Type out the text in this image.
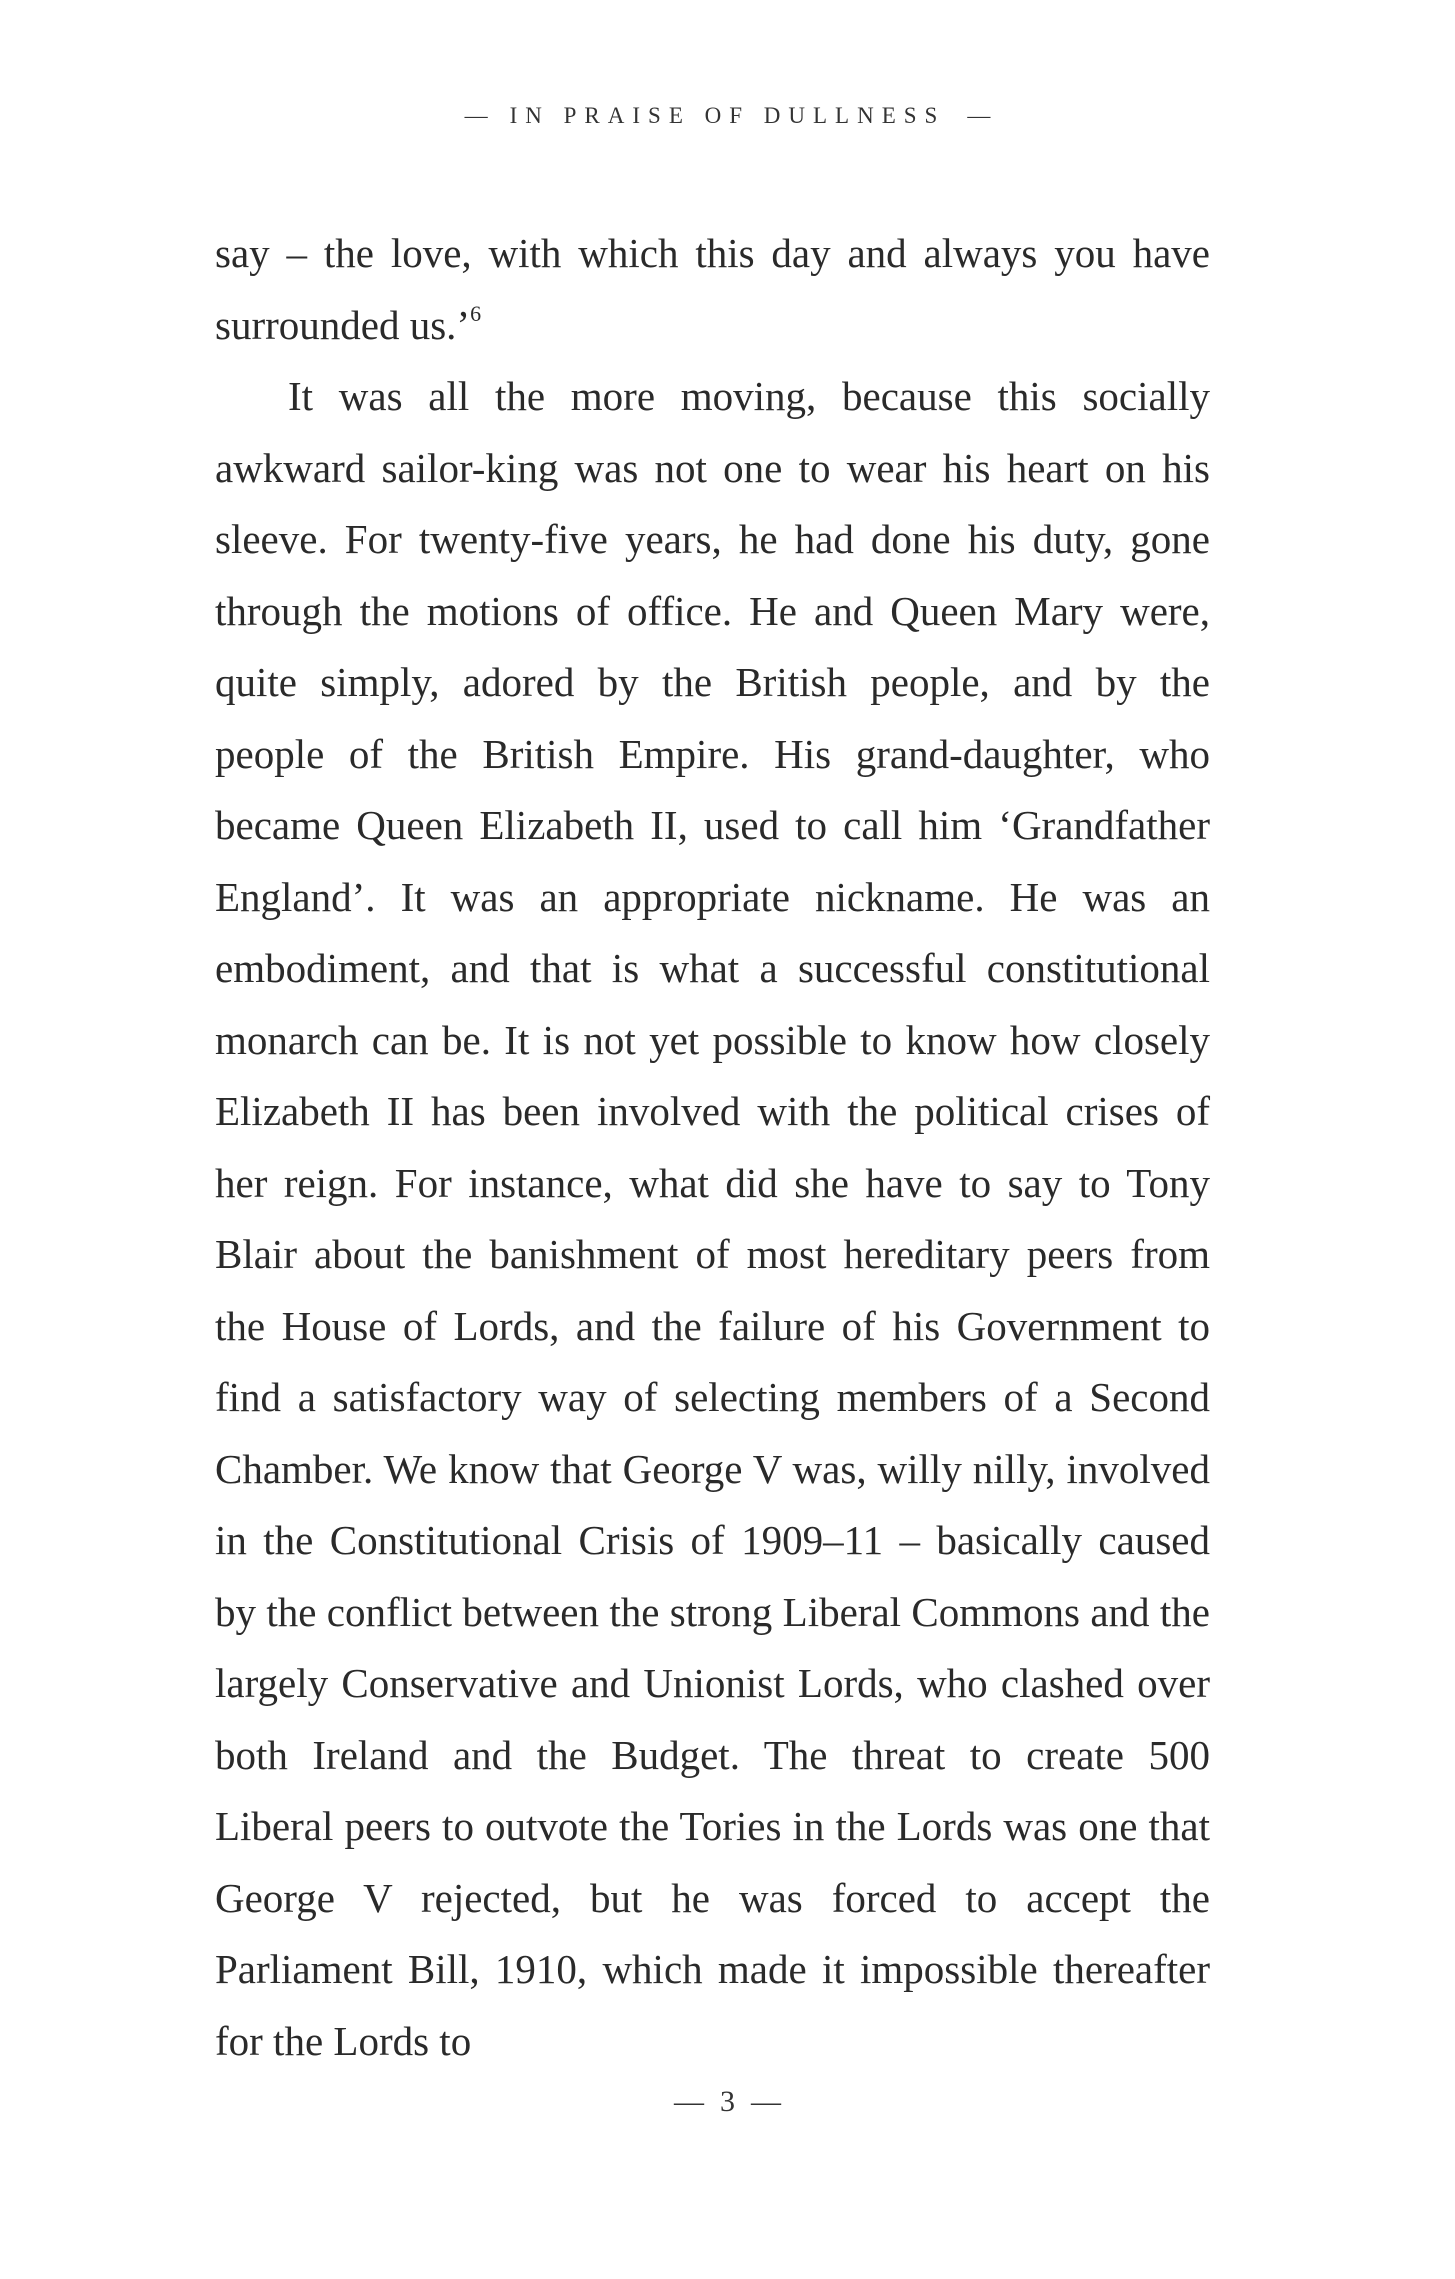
— IN PRAISE OF DULLNESS —

say – the love, with which this day and always you have surrounded us.’$^6$

It was all the more moving, because this socially awkward sailor-king was not one to wear his heart on his sleeve. For twenty-five years, he had done his duty, gone through the motions of office. He and Queen Mary were, quite simply, adored by the British people, and by the people of the British Empire. His grand-daughter, who became Queen Elizabeth II, used to call him ‘Grandfather England’. It was an appropriate nickname. He was an embodiment, and that is what a successful constitutional monarch can be. It is not yet possible to know how closely Elizabeth II has been involved with the political crises of her reign. For instance, what did she have to say to Tony Blair about the banishment of most hereditary peers from the House of Lords, and the failure of his Government to find a satisfactory way of selecting members of a Second Chamber. We know that George V was, willy nilly, involved in the Constitutional Crisis of 1909–11 – basically caused by the conflict between the strong Liberal Commons and the largely Conservative and Unionist Lords, who clashed over both Ireland and the Budget. The threat to create 500 Liberal peers to outvote the Tories in the Lords was one that George V rejected, but he was forced to accept the Parliament Bill, 1910, which made it impossible thereafter for the Lords to

— 3 —
